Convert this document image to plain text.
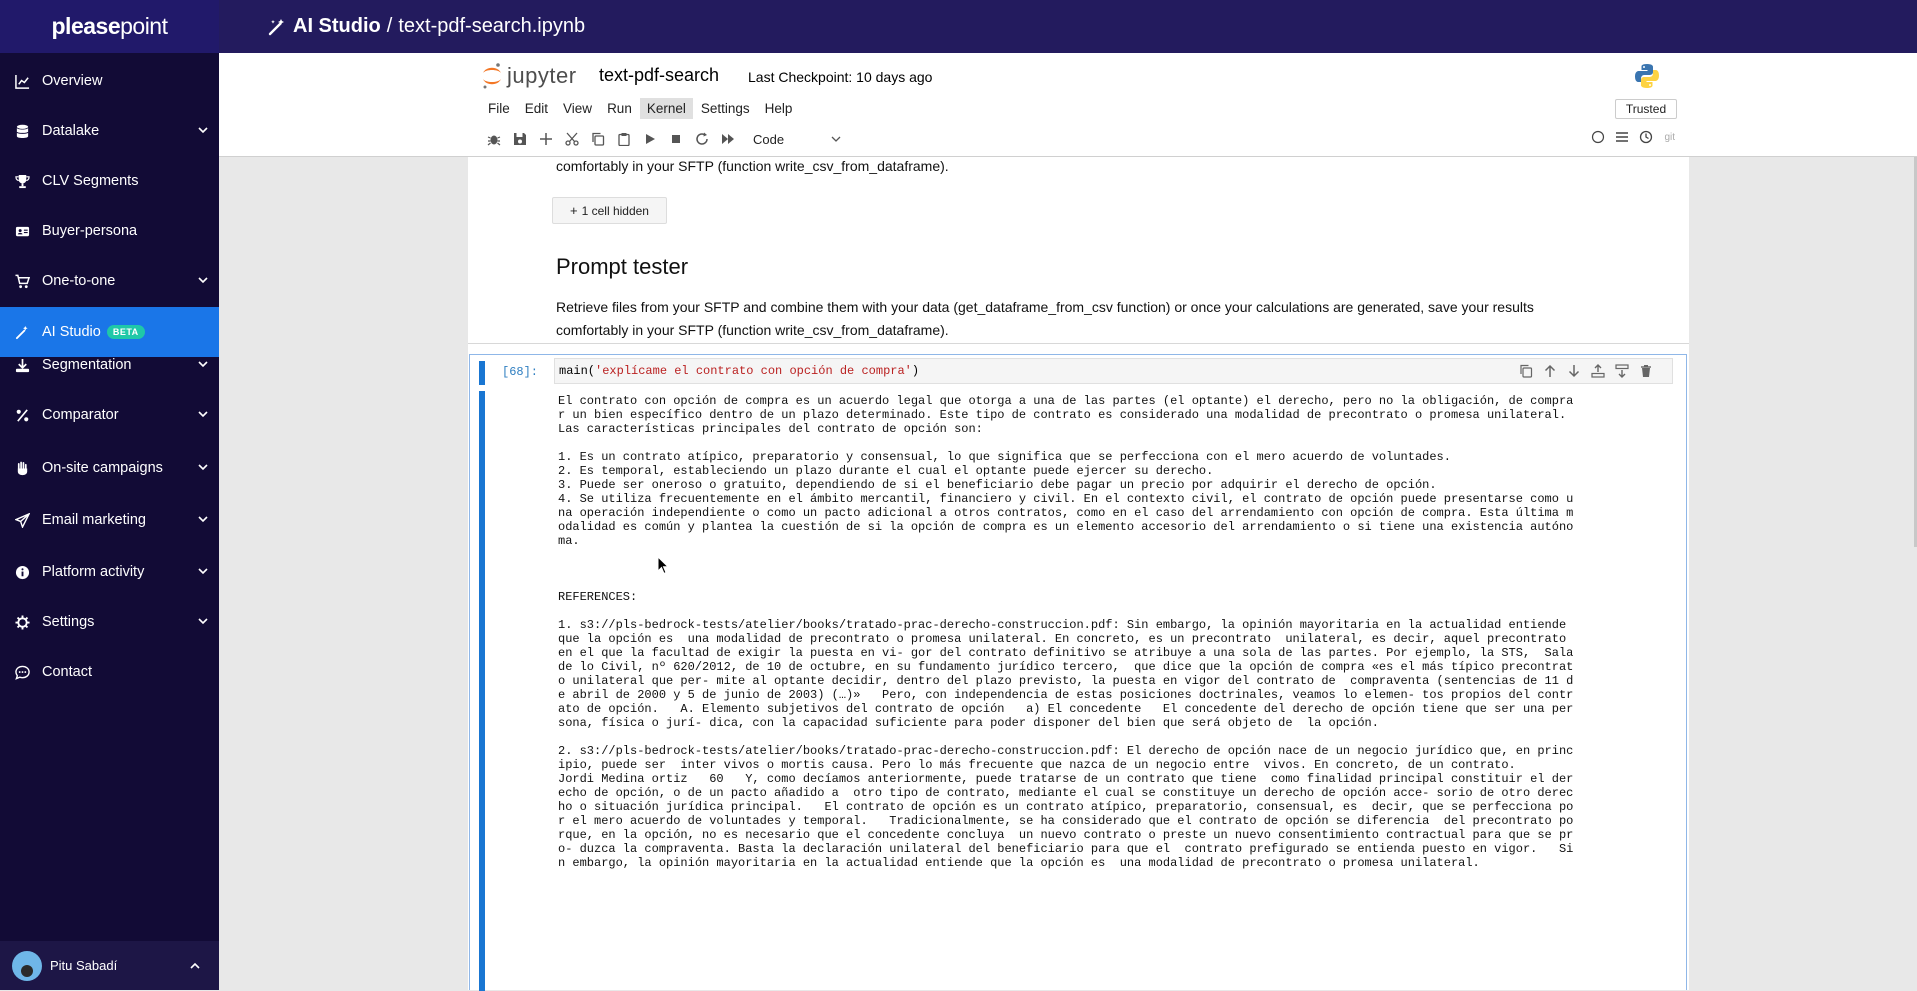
pleasepoint	AI Studio / text-pdf-search.ipynb
Overview
Datalake
CLV Segments
Buyer-persona
One-to-one
AI Studio	BETA
Segmentation
Comparator
On-site campaigns
Email marketing
Platform activity
Settings
Contact
Pitu Sabadí
jupyter text-pdf-search Last Checkpoint: 10 days ago
File	Edit	View	Run	Kernel	Settings	Help	Trusted
Code	git
comfortably in your SFTP (function write_csv_from_dataframe).
+ 1 cell hidden
Prompt tester
Retrieve files from your SFTP and combine them with your data (get_dataframe_from_csv function) or once your calculations are generated, save your results
comfortably in your SFTP (function write_csv_from_dataframe).
[68]:	main('explícame el contrato con opción de compra')
El contrato con opción de compra es un acuerdo legal que otorga a una de las partes (el optante) el derecho, pero no la obligación, de compra
r un bien específico dentro de un plazo determinado. Este tipo de contrato es considerado una modalidad de precontrato o promesa unilateral.
Las características principales del contrato de opción son:

1. Es un contrato atípico, preparatorio y consensual, lo que significa que se perfecciona con el mero acuerdo de voluntades.
2. Es temporal, estableciendo un plazo durante el cual el optante puede ejercer su derecho.
3. Puede ser oneroso o gratuito, dependiendo de si el beneficiario debe pagar un precio por adquirir el derecho de opción.
4. Se utiliza frecuentemente en el ámbito mercantil, financiero y civil. En el contexto civil, el contrato de opción puede presentarse como u
na operación independiente o como un pacto adicional a otros contratos, como en el caso del arrendamiento con opción de compra. Esta última m
odalidad es común y plantea la cuestión de si la opción de compra es un elemento accesorio del arrendamiento o si tiene una existencia autóno
ma.

REFERENCES:

1. s3://pls-bedrock-tests/atelier/books/tratado-prac-derecho-construccion.pdf: Sin embargo, la opinión mayoritaria en la actualidad entiende
que la opción es  una modalidad de precontrato o promesa unilateral. En concreto, es un precontrato  unilateral, es decir, aquel precontrato
en el que la facultad de exigir la puesta en vi- gor del contrato definitivo se atribuye a una sola de las partes. Por ejemplo, la STS,  Sala
de lo Civil, nº 620/2012, de 10 de octubre, en su fundamento jurídico tercero,  que dice que la opción de compra «es el más típico precontrat
o unilateral que per- mite al optante decidir, dentro del plazo previsto, la puesta en vigor del contrato de  compraventa (sentencias de 11 d
e abril de 2000 y 5 de junio de 2003) (…)»   Pero, con independencia de estas posiciones doctrinales, veamos lo elemen- tos propios del contr
ato de opción.   A. Elemento subjetivos del contrato de opción   a) El concedente   El concedente del derecho de opción tiene que ser una per
sona, física o jurí- dica, con la capacidad suficiente para poder disponer del bien que será objeto de  la opción.

2. s3://pls-bedrock-tests/atelier/books/tratado-prac-derecho-construccion.pdf: El derecho de opción nace de un negocio jurídico que, en princ
ipio, puede ser  inter vivos o mortis causa. Pero lo más frecuente que nazca de un negocio entre  vivos. En concreto, de un contrato.
Jordi Medina ortiz   60   Y, como decíamos anteriormente, puede tratarse de un contrato que tiene  como finalidad principal constituir el der
echo de opción, o de un pacto añadido a  otro tipo de contrato, mediante el cual se constituye un derecho de opción acce- sorio de otro derec
ho o situación jurídica principal.   El contrato de opción es un contrato atípico, preparatorio, consensual, es  decir, que se perfecciona po
r el mero acuerdo de voluntades y temporal.   Tradicionalmente, se ha considerado que el contrato de opción se diferencia  del precontrato po
rque, en la opción, no es necesario que el concedente concluya  un nuevo contrato o preste un nuevo consentimiento contractual para que se pr
o- duzca la compraventa. Basta la declaración unilateral del beneficiario para que el  contrato prefigurado se entienda puesto en vigor.   Si
n embargo, la opinión mayoritaria en la actualidad entiende que la opción es  una modalidad de precontrato o promesa unilateral.
